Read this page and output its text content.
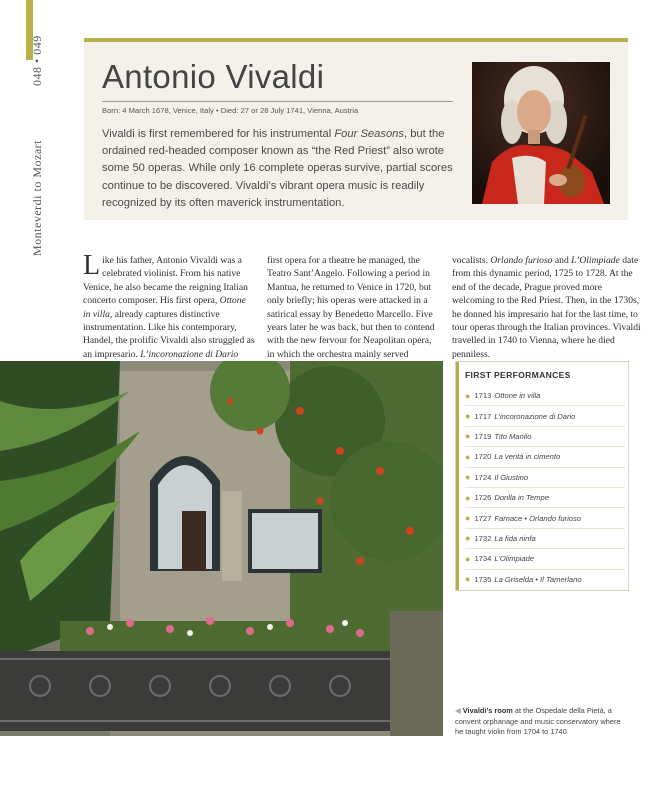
048 • 049
Monteverdi to Mozart
Antonio Vivaldi
Born: 4 March 1678, Venice, Italy • Died: 27 or 28 July 1741, Vienna, Austria

Vivaldi is first remembered for his instrumental Four Seasons, but the ordained red-headed composer known as “the Red Priest” also wrote some 50 operas. While only 16 complete operas survive, partial scores continue to be discovered. Vivaldi’s vibrant opera music is readily recognized by its often maverick instrumentation.

Like his father, Antonio Vivaldi was a celebrated violinist. From his native Venice, he also became the reigning Italian concerto composer. His first opera, Ottone in villa, already captures distinctive instrumentation. Like his contemporary, Handel, the prolific Vivaldi also struggled as an impresario. L’incoronazione di Dario

first opera for a theatre he managed, the Teatro Sant’Angelo. Following a period in Mantua, he returned to Venice in 1720, but only briefly; his operas were attacked in a satirical essay by Benedetto Marcello. Five years later he was back, but then to contend with the new fervour for Neapolitan opera, in which the orchestra mainly served

vocalists. Orlando furioso and L’Olimpiade date from this dynamic period, 1725 to 1728. At the end of the decade, Prague proved more welcoming to the Red Priest. Then, in the 1730s, he donned his impresario hat for the last time, to tour operas through the Italian provinces. Vivaldi travelled in 1740 to Vienna, where he died penniless.

FIRST PERFORMANCES
● 1713 Ottone in villa
● 1717 L’incoronazione di Dario
● 1719 Tito Manlio
● 1720 La verità in cimento
● 1724 Il Giustino
● 1726 Dorilla in Tempe
● 1727 Farnace • Orlando furioso
● 1732 La fida ninfa
● 1734 L’Olimpiade
● 1735 La Griselda • Il Tamerlano

◀ Vivaldi’s room at the Ospedale della Pietà, a convent orphanage and music conservatory where he taught violin from 1704 to 1740.
